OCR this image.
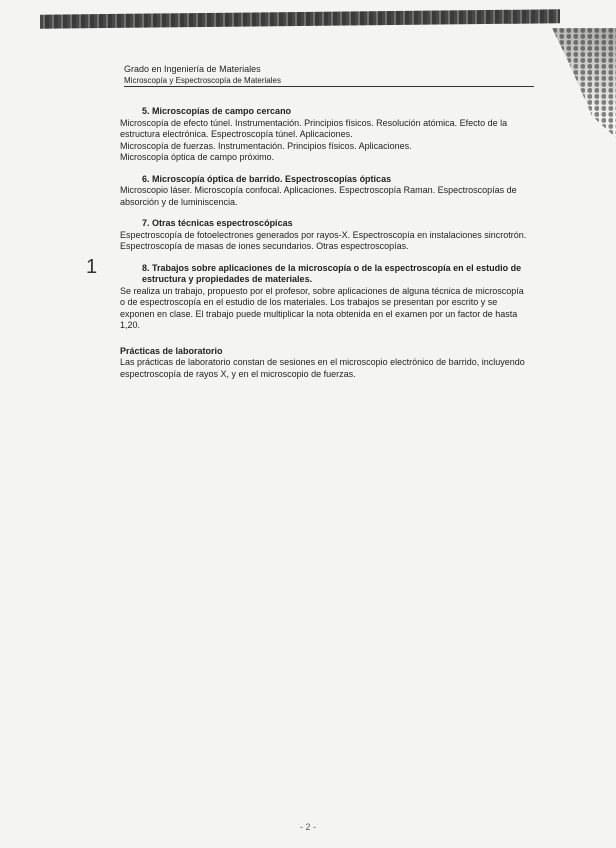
Grado en Ingeniería de Materiales

Microscopía y Espectroscopía de Materiales

1

5. Microscopías de campo cercano

Microscopía de efecto túnel. Instrumentación. Principios físicos. Resolución atómica. Efecto de la estructura electrónica. Espectroscopía túnel. Aplicaciones.
Microscopía de fuerzas. Instrumentación. Principios físicos. Aplicaciones.
Microscopía óptica de campo próximo.

6. Microscopía óptica de barrido. Espectroscopías ópticas

Microscopio láser. Microscopía confocal. Aplicaciones. Espectroscopía Raman. Espectroscopías de absorción y de luminiscencia.

7. Otras técnicas espectroscópicas

Espectroscopía de fotoelectrones generados por rayos-X. Espectroscopía en instalaciones sincrotrón. Espectroscopía de masas de iones secundarios. Otras espectroscopías.

8. Trabajos sobre aplicaciones de la microscopía o de la espectroscopía en el estudio de estructura y propiedades de materiales.

Se realiza un trabajo, propuesto por el profesor, sobre aplicaciones de alguna técnica de microscopía o de espectroscopía en el estudio de los materiales. Los trabajos se presentan por escrito y se exponen en clase. El trabajo puede multiplicar la nota obtenida en el examen por un factor de hasta 1,20.

Prácticas de laboratorio

Las prácticas de laboratorio constan de sesiones en el microscopio electrónico de barrido, incluyendo espectroscopía de rayos X, y en el microscopio de fuerzas.

- 2 -
